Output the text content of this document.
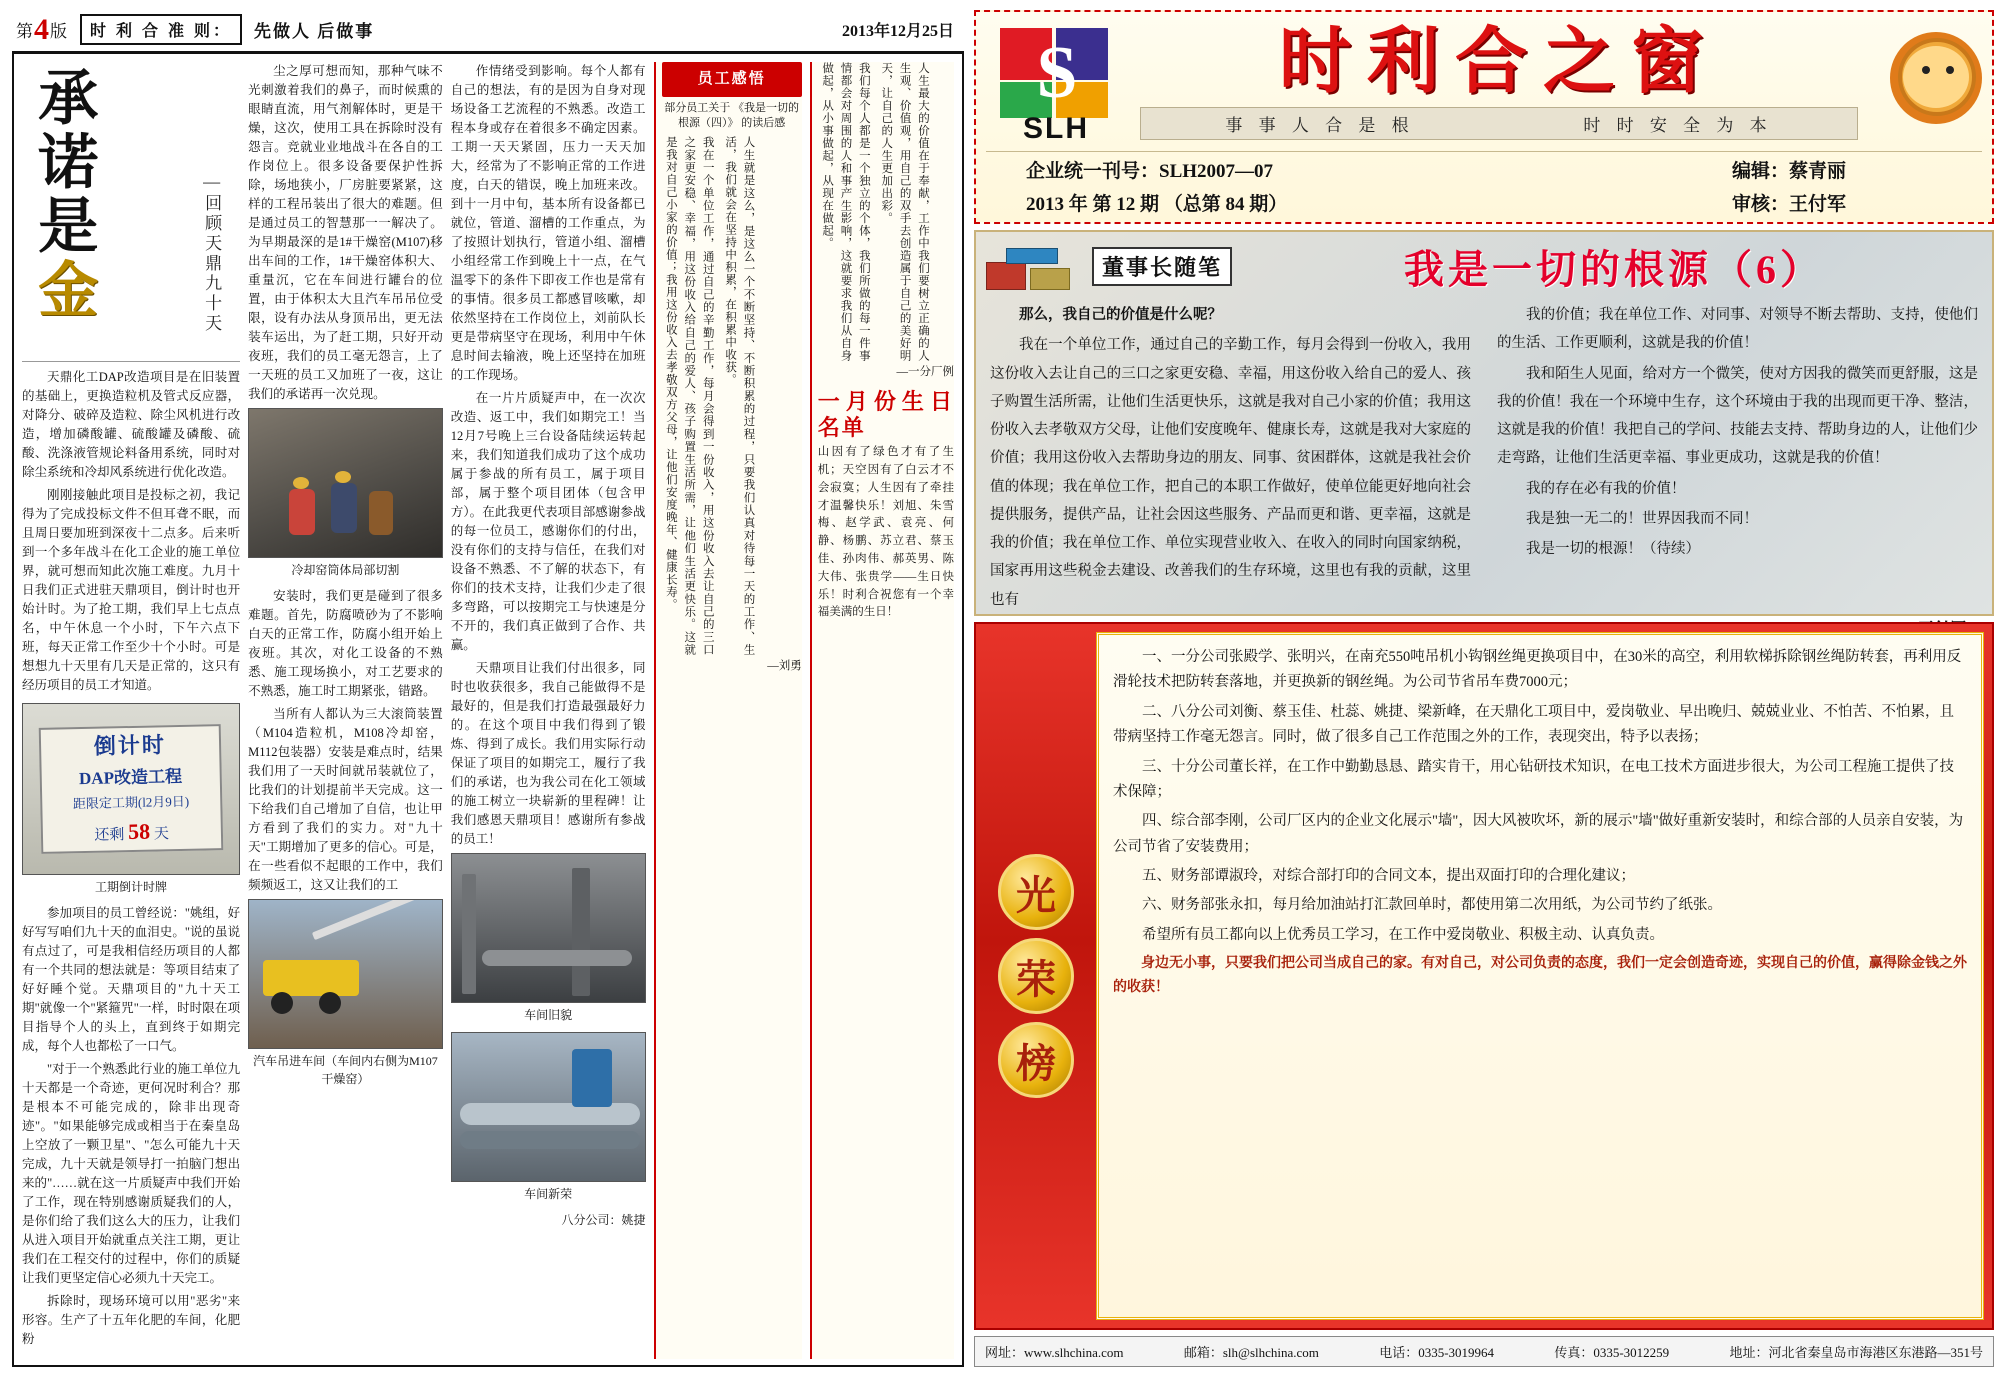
第4版	时 利 合 准 则：	先做人 后做事	2013年12月25日
承诺是金	—回顾天鼎九十天

天鼎化工DAP改造项目是在旧装置的基础上，更换造粒机及管式反应器，对降分、破碎及造粒、除尘风机进行改造，增加磷酸罐、硫酸罐及磷酸、硫酸、洗涤液管规论料备用系统，同时对除尘系统和冷却风系统进行优化改造。

刚刚接触此项目是投标之初，我记得为了完成投标文件不但耳聋不眠，而且周日要加班到深夜十二点多。后来听到一个多年战斗在化工企业的施工单位界，就可想而知此次施工难度。九月十日我们正式进驻天鼎项目，倒计时也开始计时。为了抢工期，我们早上七点点名，中午休息一个小时，下午六点下班，每天正常工作至少十个小时。可是想想九十天里有几天是正常的，这只有经历项目的员工才知道。

倒计时
DAP改造工程
距限定工期(l2月9日)
还剩 58 天
工期倒计时牌

参加项目的员工曾经说："姚组，好好写写咱们九十天的血泪史。"说的虽说有点过了，可是我相信经历项目的人都有一个共同的想法就是：等项目结束了好好睡个觉。天鼎项目的"九十天工期"就像一个"紧箍咒"一样，时时限在项目指导个人的头上，直到终于如期完成，每个人也都松了一口气。

"对于一个熟悉此行业的施工单位九十天都是一个奇迹，更何况时利合？那是根本不可能完成的，除非出现奇迹"。"如果能够完成或相当于在秦皇岛上空放了一颗卫星"、"怎么可能九十天完成，九十天就是领导打一拍脑门想出来的"……就在这一片质疑声中我们开始了工作，现在特别感谢质疑我们的人，是你们给了我们这么大的压力，让我们从进入项目开始就重点关注工期，更让我们在工程交付的过程中，你们的质疑让我们更坚定信心必须九十天完工。

拆除时，现场环境可以用"恶劣"来形容。生产了十五年化肥的车间，化肥粉

尘之厚可想而知，那种气味不光刺激着我们的鼻子，而时候熏的眼睛直流，用气剂解体时，更是干燥，这次，使用工具在拆除时没有怨言。竞就业业地战斗在各自的工作岗位上。很多设备要保护性拆除，场地狭小，厂房脏要紧紧，这样的工程吊装出了很大的难题。但是通过员工的智慧那一一解决了。为早期最深的是1#干燥窑(M107)移出车间的工作，1#干燥窑体积大、重量沉，它在车间进行罐台的位置，由于体积太大且汽车吊吊位受限，设有办法从身顶吊出，更无法装车运出，为了赶工期，只好开动夜班，我们的员工毫无怨言，上了一天班的员工又加班了一夜，这让我们的承诺再一次兑现。

冷却窑筒体局部切割

安装时，我们更是碰到了很多难题。首先，防腐喷砂为了不影响白天的正常工作，防腐小组开始上夜班。其次，对化工设备的不熟悉、施工现场换小，对工艺要求的不熟悉，施工时工期紧张，错路。

当所有人都认为三大滚筒装置（M104造粒机，M108冷却窑，M112包装器）安装是难点时，结果我们用了一天时间就吊装就位了，比我们的计划提前半天完成。这一下给我们自己增加了自信，也让甲方看到了我们的实力。对"九十天"工期增加了更多的信心。可是，在一些看似不起眼的工作中，我们频频返工，这又让我们的工

汽车吊进车间（车间内右侧为M107干燥窑）

作情绪受到影响。每个人都有自己的想法，有的是因为自身对现场设备工艺流程的不熟悉。改造工程本身或存在着很多不确定因素。工期一天天紧固，压力一天天加大，经常为了不影响正常的工作进度，白天的错误，晚上加班来改。到十一月中旬，基本所有设备都已就位，管道、溜槽的工作重点，为了按照计划执行，管道小组、溜槽小组经常工作到晚上十一点，在气温零下的条件下即夜工作也是常有的事情。很多员工都感冒咳嗽，却依然坚持在工作岗位上，刘前队长更是带病坚守在现场，利用中午休息时间去输液，晚上还坚持在加班的工作现场。

在一片片质疑声中，在一次次改造、返工中，我们如期完工！当12月7号晚上三台设备陆续运转起来，我们知道我们成功了这个成功属于参战的所有员工，属于项目部，属于整个项目团体（包含甲方）。在此我更代表项目部感谢参战的每一位员工，感谢你们的付出，没有你们的支持与信任，在我们对设备不熟悉、不了解的状态下，有你们的技术支持，让我们少走了很多弯路，可以按期完工与快速是分不开的，我们真正做到了合作、共赢。

天鼎项目让我们付出很多，同时也收获很多，我自己能做得不是最好的，但是我们打造最强最好力的。在这个项目中我们得到了锻炼、得到了成长。我们用实际行动保证了项目的如期完工，履行了我们的承诺，也为我公司在化工领域的施工树立一块崭新的里程碑！让我们感恩天鼎项目！感谢所有参战的员工！

车间旧貌
车间新荣
八分公司：姚捷
员工感悟
部分员工关于 《我是一切的根源（四）》 的读后感
我在一个单位工作，通过自己的辛勤工作，每月会得到一份收入，用这份收入去让自己的三口之家更安稳、幸福，用这份收入给自己的爱人、孩子购置生活所需，让他们生活更快乐。这就是我对自己小家的价值；我用这份收入去孝敬双方父母，让他们安度晚年、健康长寿。	人生就是这么，是这么一个不断坚持、不断积累的过程，只要我们认真对待每一天的工作、生活，我们就会在坚持中积累，在积累中收获。
—刘勇
我们每个人都是一个独立的个体，我们所做的每一件事情都会对周围的人和事产生影响，这就要求我们从自身做起，从小事做起，从现在做起。	人生最大的价值在于奉献，工作中我们要树立正确的人生观、价值观，用自己的双手去创造属于自己的美好明天，让自己的人生更加出彩。
—一分厂例
一月份生日名单
山因有了绿色才有了生机；天空因有了白云才不会寂寞；人生因有了牵挂才温馨快乐！刘旭、朱雪梅、赵学武、袁亮、何静、杨鹏、苏立君、蔡玉佳、孙肉伟、郝英男、陈大伟、张贵学——生日快乐！时利合祝您有一个幸福美满的生日！
S
SLH
时利合之窗
事 事 人 合 是 根	时 时 安 全 为 本
企业统一刊号：SLH2007—07
2013 年 第 12 期 （总第 84 期）
编辑：蔡青丽
审核：王付军
董事长随笔	我是一切的根源（6）

那么，我自己的价值是什么呢？

我在一个单位工作，通过自己的辛勤工作，每月会得到一份收入，我用这份收入去让自己的三口之家更安稳、幸福，用这份收入给自己的爱人、孩子购置生活所需，让他们生活更快乐，这就是我对自己小家的价值；我用这份收入去孝敬双方父母，让他们安度晚年、健康长寿，这就是我对大家庭的价值；我用这份收入去帮助身边的朋友、同事、贫困群体，这就是我社会价值的体现；我在单位工作，把自己的本职工作做好，使单位能更好地向社会提供服务，提供产品，让社会因这些服务、产品而更和谐、更幸福，这就是我的价值；我在单位工作、单位实现营业收入、在收入的同时向国家纳税，国家再用这些税金去建设、改善我们的生存环境，这里也有我的贡献，这里也有

我的价值；我在单位工作、对同事、对领导不断去帮助、支持，使他们的生活、工作更顺利，这就是我的价值！

我和陌生人见面，给对方一个微笑，使对方因我的微笑而更舒服，这是我的价值！我在一个环境中生存，这个环境由于我的出现而更干净、整洁，这就是我的价值！我把自己的学问、技能去支持、帮助身边的人，让他们少走弯路，让他们生活更幸福、事业更成功，这就是我的价值！

我的存在必有我的价值！

我是独一无二的！世界因我而不同！

我是一切的根源！（待续）

光
荣
榜

一、一分公司张殿学、张明兴，在南充550吨吊机小钩钢丝绳更换项目中，在30米的高空，利用软梯拆除钢丝绳防转套，再利用反滑轮技术把防转套落地，并更换新的钢丝绳。为公司节省吊车费7000元；

二、八分公司刘衡、蔡玉佳、杜蕊、姚捷、梁新峰，在天鼎化工项目中，爱岗敬业、早出晚归、兢兢业业、不怕苦、不怕累，且带病坚持工作毫无怨言。同时，做了很多自己工作范围之外的工作，表现突出，特予以表扬；

三、十分公司董长祥，在工作中勤勤恳恳、踏实肯干，用心钻研技术知识，在电工技术方面进步很大，为公司工程施工提供了技术保障；

四、综合部李刚，公司厂区内的企业文化展示"墙"，因大风被吹坏，新的展示"墙"做好重新安装时，和综合部的人员亲自安装，为公司节省了安装费用；

五、财务部谭淑玲，对综合部打印的合同文本，提出双面打印的合理化建议；

六、财务部张永扣，每月给加油站打汇款回单时，都使用第二次用纸，为公司节约了纸张。

希望所有员工都向以上优秀员工学习，在工作中爱岗敬业、积极主动、认真负责。

身边无小事，只要我们把公司当成自己的家。有对自己，对公司负责的态度，我们一定会创造奇迹，实现自己的价值，赢得除金钱之外的收获！
网址：www.slhchina.com	邮箱：slh@slhchina.com	电话：0335-3019964	传真：0335-3012259	地址：河北省秦皇岛市海港区东港路—351号
